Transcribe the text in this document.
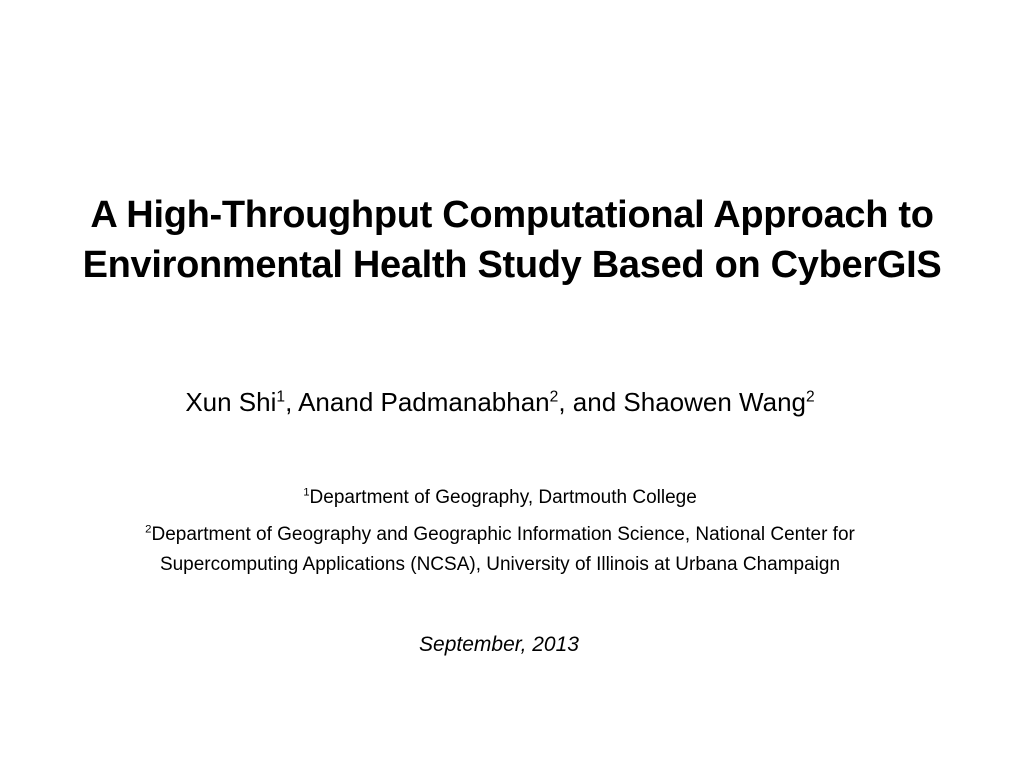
A High-Throughput Computational Approach to
Environmental Health Study Based on CyberGIS
Xun Shi$^1$, Anand Padmanabhan$^2$, and Shaowen Wang$^2$
$^1$Department of Geography, Dartmouth College
$^2$Department of Geography and Geographic Information Science, National Center for
Supercomputing Applications (NCSA), University of Illinois at Urbana Champaign
September, 2013
